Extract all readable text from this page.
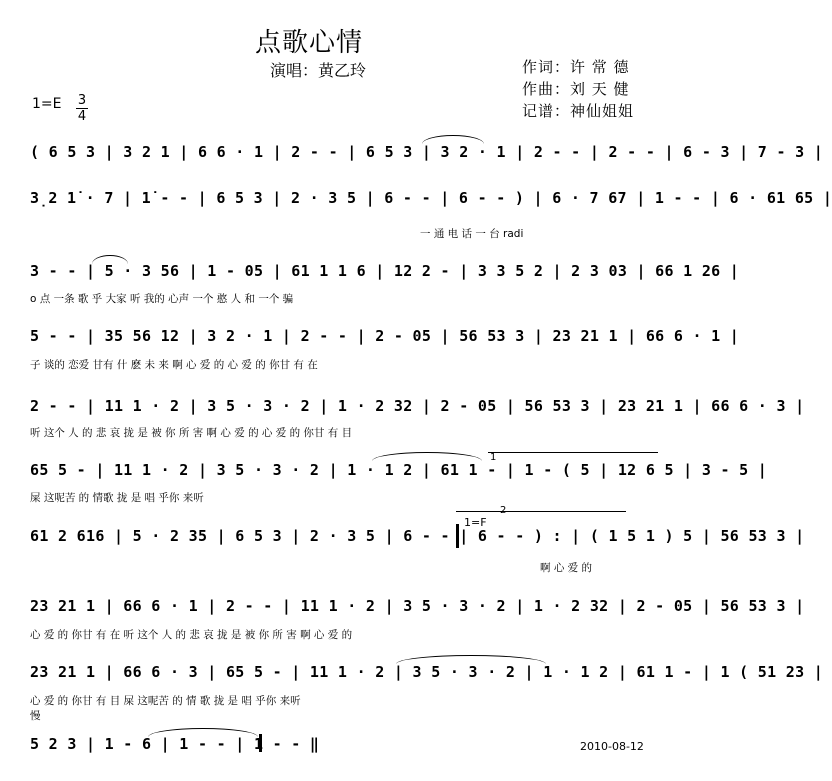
点歌心情
演唱：黄乙玲	作词：许 常 德
作曲：刘 天 健
记谱：神仙姐姐
1=E 3
4
( 6 5 3 | 3 2 1 | 6 6 · 1 | 2 - - | 6 5 3 | 3 2 · 1 | 2 - - | 2 - - | 6 - 3 | 7 - 3 |
3̣2 1̇ · 7 | 1̇ - - | 6 5 3 | 2 · 3 5 | 6 - - | 6 - - ) | 6 · 7 67 | 1 - - | 6 · 61 65 |
一 通 电 话 一 台 radi
3 - - | 5 · 3 56 | 1 - 05 | 61 1 1 6 | 12 2 - | 3 3 5 2 | 2 3 03 | 66 1 26 |
o 点 一条 歌 乎 大家 听 我的 心声 一个 憨 人 和 一个 骗
5 - - | 35 56 12 | 3 2 · 1 | 2 - - | 2 - 05 | 56 53 3 | 23 21 1 | 66 6 · 1 |
子 谈的 恋爱 甘有 什 麽 未 来 啊 心 爱 的 心 爱 的 你甘 有 在
2 - - | 11 1 · 2 | 3 5 · 3 · 2 | 1 · 2 32 | 2 - 05 | 56 53 3 | 23 21 1 | 66 6 · 3 |
听 这个 人 的 悲 哀 拢 是 被 你 所 害 啊 心 爱 的 心 爱 的 你甘 有 目
65 5 - | 11 1 · 2 | 3 5 · 3 · 2 | 1 · 1 2 | 61 1 - | 1 - ( 5 | 12 6 5 | 3 - 5 |
屎 这呢苦 的 情歌 拢 是 唱 乎你 来听
1
61 2 616 | 5 · 2 35 | 6 5 3 | 2 · 3 5 | 6 - - | 6 - - ) : | ( 1 5 1 ) 5 | 56 53 3 |
啊 心 爱 的
1=F
2
23 21 1 | 66 6 · 1 | 2 - - | 11 1 · 2 | 3 5 · 3 · 2 | 1 · 2 32 | 2 - 05 | 56 53 3 |
心 爱 的 你甘 有 在 听 这个 人 的 悲 哀 拢 是 被 你 所 害 啊 心 爱 的
23 21 1 | 66 6 · 3 | 65 5 - | 11 1 · 2 | 3 5 · 3 · 2 | 1 · 1 2 | 61 1 - | 1 ( 51 23 |
心 爱 的 你甘 有 目 屎 这呢苦 的 情 歌 拢 是 唱 乎你 来听
慢
5 2 3 | 1 - 6 | 1 - - | 1 - - ‖	2010-08-12
